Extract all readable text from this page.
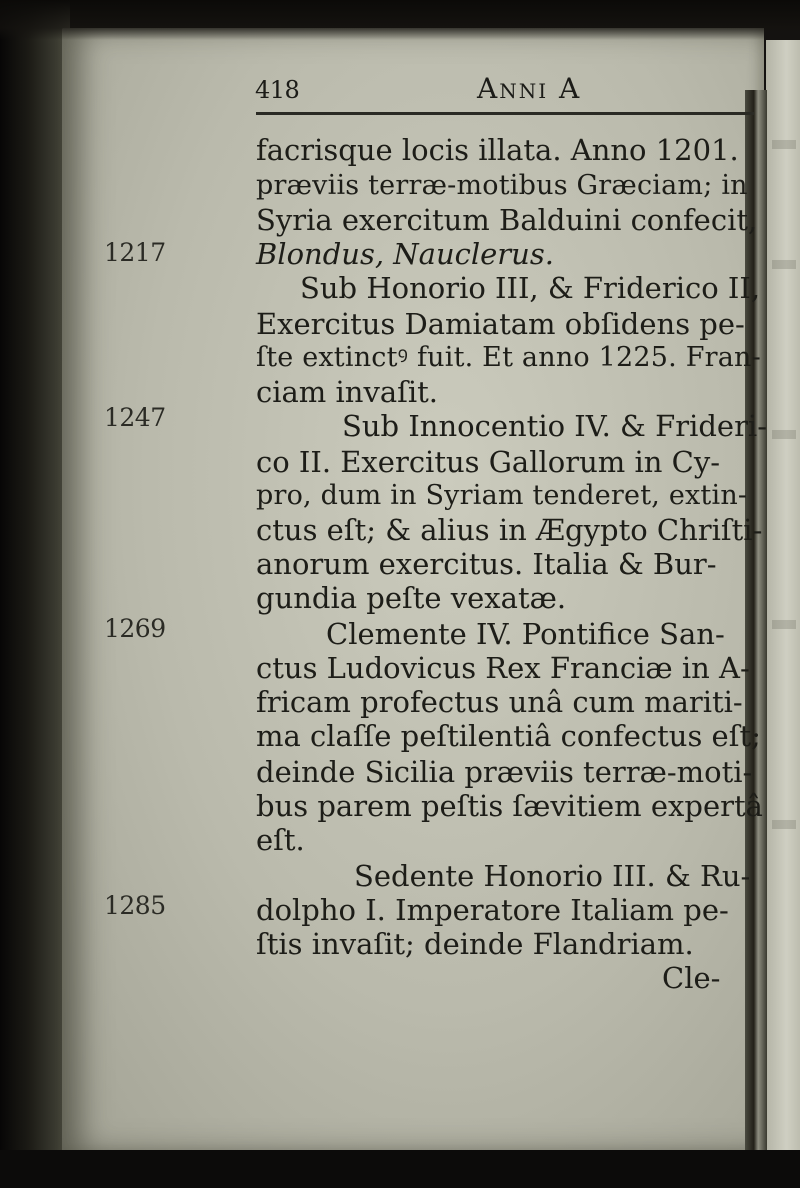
418	Anni A
1217
1247
1269
1285
facrisque locis illata. Anno 1201.
præviis terræ-motibus Græciam; in
Syria exercitum Balduini confecit,
Blondus, Nauclerus.
Sub Honorio III, & Friderico II,
Exercitus Damiatam obſidens pe-
ſte extinctꝰ fuit. Et anno 1225. Fran-
ciam invaſit.
Sub Innocentio IV. & Frideri-
co II. Exercitus Gallorum in Cy-
pro, dum in Syriam tenderet, extin-
ctus eſt; & alius in Ægypto Chriſti-
anorum exercitus. Italia & Bur-
gundia peſte vexatæ.
Clemente IV. Pontifice San-
ctus Ludovicus Rex Franciæ in A-
fricam profectus unâ cum mariti-
ma claſſe peſtilentiâ confectus eſt;
deinde Sicilia præviis terræ-moti-
bus parem peſtis ſævitiem expertâ
eſt.
Sedente Honorio III. & Ru-
dolpho I. Imperatore Italiam pe-
ſtis invaſit; deinde Flandriam.
Cle-
